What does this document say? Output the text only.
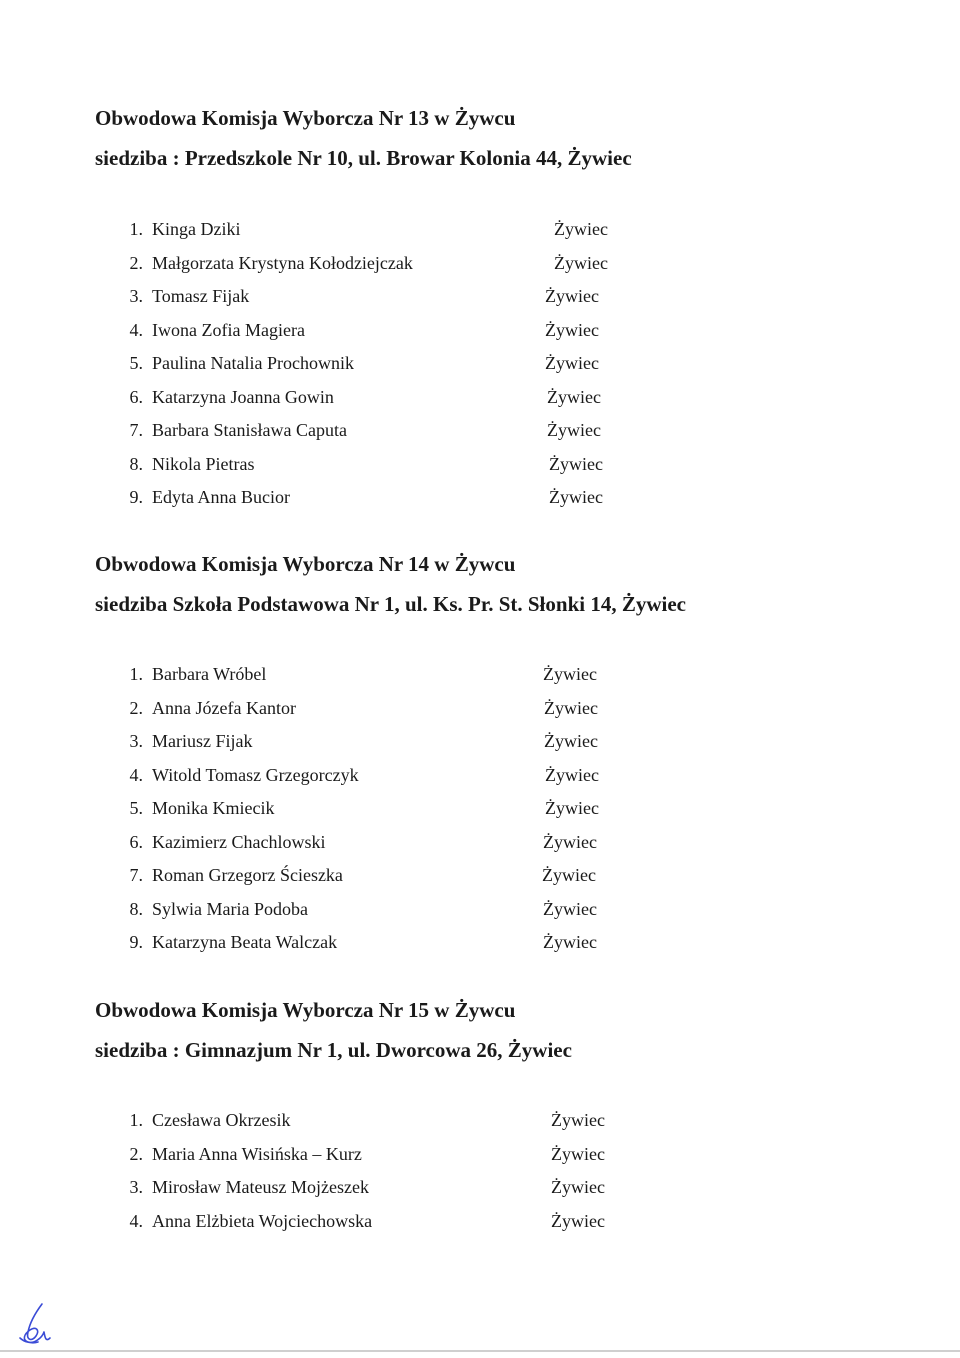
Obwodowa Komisja Wyborcza Nr 13 w Żywcu

siedziba : Przedszkole Nr 10, ul. Browar Kolonia 44, Żywiec

1. Kinga Dziki	Żywiec
2. Małgorzata Krystyna Kołodziejczak	Żywiec
3. Tomasz Fijak	Żywiec
4. Iwona Zofia Magiera	Żywiec
5. Paulina Natalia Prochownik	Żywiec
6. Katarzyna Joanna Gowin	Żywiec
7. Barbara Stanisława Caputa	Żywiec
8. Nikola Pietras	Żywiec
9. Edyta Anna Bucior	Żywiec

Obwodowa Komisja Wyborcza Nr 14 w Żywcu

siedziba Szkoła Podstawowa Nr 1, ul. Ks. Pr. St. Słonki 14, Żywiec

1. Barbara Wróbel	Żywiec
2. Anna Józefa Kantor	Żywiec
3. Mariusz Fijak	Żywiec
4. Witold Tomasz Grzegorczyk	Żywiec
5. Monika Kmiecik	Żywiec
6. Kazimierz Chachlowski	Żywiec
7. Roman Grzegorz Ścieszka	Żywiec
8. Sylwia Maria Podoba	Żywiec
9. Katarzyna Beata Walczak	Żywiec

Obwodowa Komisja Wyborcza Nr 15 w Żywcu

siedziba : Gimnazjum Nr 1, ul. Dworcowa 26, Żywiec

1. Czesława Okrzesik	Żywiec
2. Maria Anna Wisińska – Kurz	Żywiec
3. Mirosław Mateusz Mojżeszek	Żywiec
4. Anna Elżbieta Wojciechowska	Żywiec
